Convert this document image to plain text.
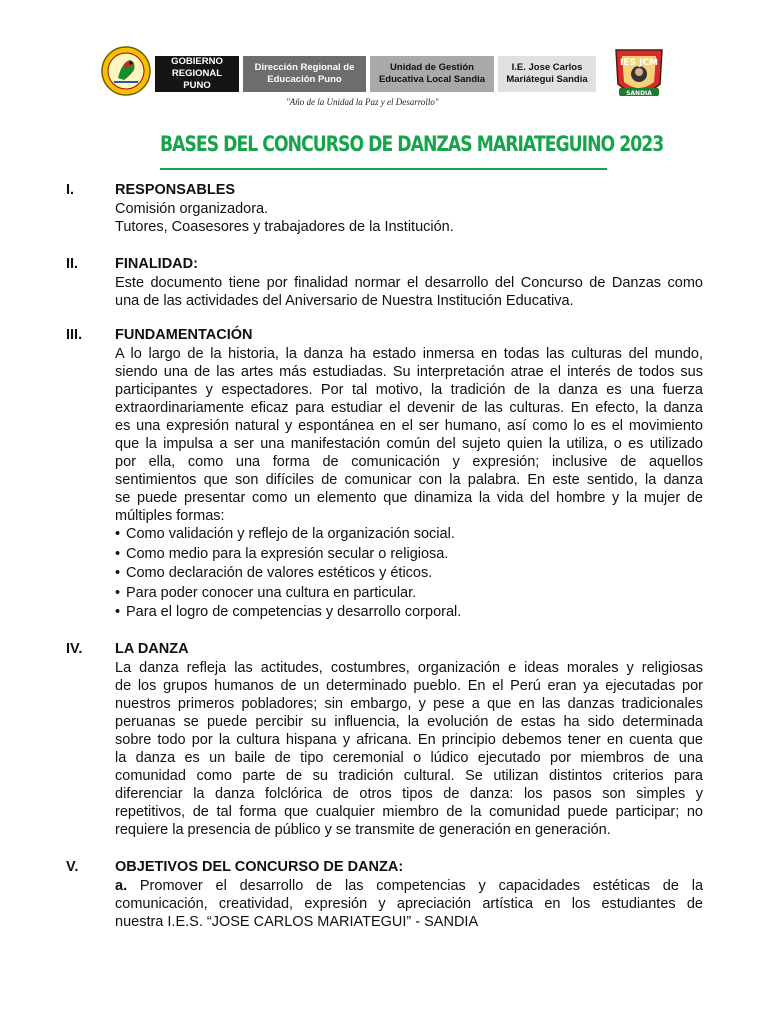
GOBIERNO
REGIONAL PUNO
Dirección Regional de
Educación Puno
Unidad de Gestión
Educativa Local Sandia
I.E. Jose Carlos
Mariátegui Sandia
"Año de la Unidad la Paz y el Desarrollo"
IES JCM
SANDIA
BASES DEL CONCURSO DE DANZAS MARIATEGUINO 2023
I.	RESPONSABLES
Comisión organizadora.
Tutores, Coasesores y trabajadores de la Institución.
II.	FINALIDAD:
Este documento tiene por finalidad normar el desarrollo del Concurso de Danzas como
una de las actividades del Aniversario de Nuestra Institución Educativa.
III. FUNDAMENTACIÓN
A lo largo de la historia, la danza ha estado inmersa en todas las culturas del mundo,
siendo una de las artes más estudiadas. Su interpretación atrae el interés de todos sus
participantes y espectadores. Por tal motivo, la tradición de la danza es una fuerza
extraordinariamente eficaz para estudiar el devenir de las culturas. En efecto, la danza
es una expresión natural y espontánea en el ser humano, así como lo es el movimiento
que la impulsa a ser una manifestación común del sujeto quien la utiliza, o es utilizado
por ella, como una forma de comunicación y expresión; inclusive de aquellos
sentimientos que son difíciles de comunicar con la palabra. En este sentido, la danza
se puede presentar como un elemento que dinamiza la vida del hombre y la mujer de
múltiples formas:
• Como validación y reflejo de la organización social.
• Como medio para la expresión secular o religiosa.
• Como declaración de valores estéticos y éticos.
• Para poder conocer una cultura en particular.
• Para el logro de competencias y desarrollo corporal.
IV. LA DANZA
La danza refleja las actitudes, costumbres, organización e ideas morales y religiosas
de los grupos humanos de un determinado pueblo. En el Perú eran ya ejecutadas por
nuestros primeros pobladores; sin embargo, y pese a que en las danzas tradicionales
peruanas se puede percibir su influencia, la evolución de estas ha sido determinada
sobre todo por la cultura hispana y africana. En principio debemos tener en cuenta que
la danza es un baile de tipo ceremonial o lúdico ejecutado por miembros de una
comunidad como parte de su tradición cultural. Se utilizan distintos criterios para
diferenciar la danza folclórica de otros tipos de danza: los pasos son simples y
repetitivos, de tal forma que cualquier miembro de la comunidad puede participar; no
requiere la presencia de público y se transmite de generación en generación.
V.	OBJETIVOS DEL CONCURSO DE DANZA:
a. Promover el desarrollo de las competencias y capacidades estéticas de la
comunicación, creatividad, expresión y apreciación artística en los estudiantes de
nuestra I.E.S. “JOSE CARLOS MARIATEGUI” - SANDIA
